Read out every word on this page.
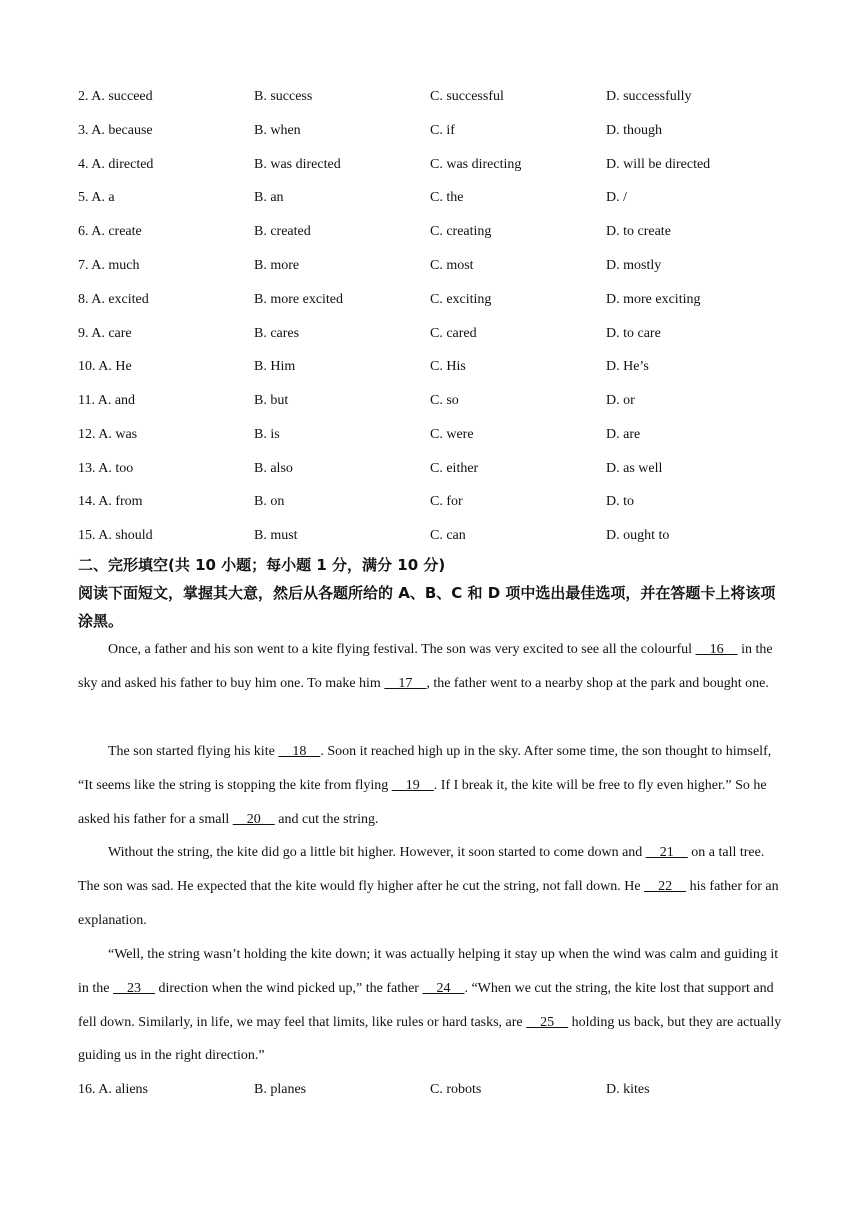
2. A. succeed	B. success	C. successful	D. successfully
3. A. because	B. when	C. if	D. though
4. A. directed	B. was directed	C. was directing	D. will be directed
5. A. a	B. an	C. the	D. /
6. A. create	B. created	C. creating	D. to create
7. A. much	B. more	C. most	D. mostly
8. A. excited	B. more excited	C. exciting	D. more exciting
9. A. care	B. cares	C. cared	D. to care
10. A. He	B. Him	C. His	D. He’s
11. A. and	B. but	C. so	D. or
12. A. was	B. is	C. were	D. are
13. A. too	B. also	C. either	D. as well
14. A. from	B. on	C. for	D. to
15. A. should	B. must	C. can	D. ought to
二、完形填空(共 10 小题；每小题 1 分，满分 10 分)
阅读下面短文，掌握其大意，然后从各题所给的 A、B、C 和 D 项中选出最佳选项，并在答题卡上将该项涂黑。
Once, a father and his son went to a kite flying festival. The son was very excited to see all the colourful     16     in the sky and asked his father to buy him one. To make him     17    , the father went to a nearby shop at the park and bought one.
The son started flying his kite     18    . Soon it reached high up in the sky. After some time, the son thought to himself, “It seems like the string is stopping the kite from flying     19    . If I break it, the kite will be free to fly even higher.” So he asked his father for a small     20     and cut the string.
Without the string, the kite did go a little bit higher. However, it soon started to come down and     21     on a tall tree. The son was sad. He expected that the kite would fly higher after he cut the string, not fall down. He     22     his father for an explanation.
“Well, the string wasn’t holding the kite down; it was actually helping it stay up when the wind was calm and guiding it in the     23     direction when the wind picked up,” the father     24    . “When we cut the string, the kite lost that support and fell down. Similarly, in life, we may feel that limits, like rules or hard tasks, are     25     holding us back, but they are actually guiding us in the right direction.”
16. A. aliens	B. planes	C. robots	D. kites
